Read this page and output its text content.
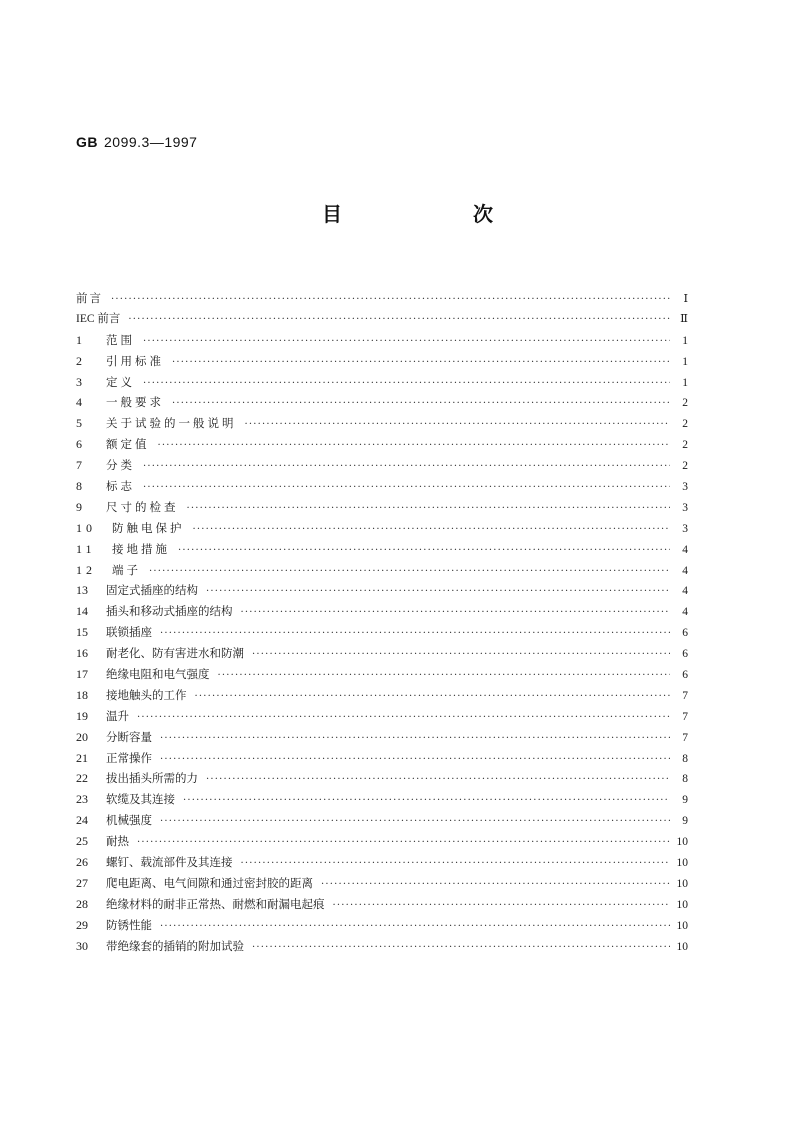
GB 2099.3—1997
目 次
前言 ·····	Ⅰ
IEC 前言 ·····	Ⅱ
1	范围 ·····	1
2	引用标准 ·····	1
3	定义 ·····	1
4	一般要求 ·····	2
5	关于试验的一般说明 ·····	2
6	额定值 ·····	2
7	分类 ·····	2
8	标志 ·····	3
9	尺寸的检查 ·····	3
10	防触电保护 ·····	3
11	接地措施 ·····	4
12	端子 ·····	4
13	固定式插座的结构 ·····	4
14	插头和移动式插座的结构 ·····	4
15	联锁插座 ·····	6
16	耐老化、防有害进水和防潮 ·····	6
17	绝缘电阻和电气强度 ·····	6
18	接地触头的工作 ·····	7
19	温升 ·····	7
20	分断容量 ·····	7
21	正常操作 ·····	8
22	拔出插头所需的力 ·····	8
23	软缆及其连接 ·····	9
24	机械强度 ·····	9
25	耐热 ·····	10
26	螺钉、载流部件及其连接 ·····	10
27	爬电距离、电气间隙和通过密封胶的距离 ·····	10
28	绝缘材料的耐非正常热、耐燃和耐漏电起痕 ·····	10
29	防锈性能 ·····	10
30	带绝缘套的插销的附加试验 ·····	10
